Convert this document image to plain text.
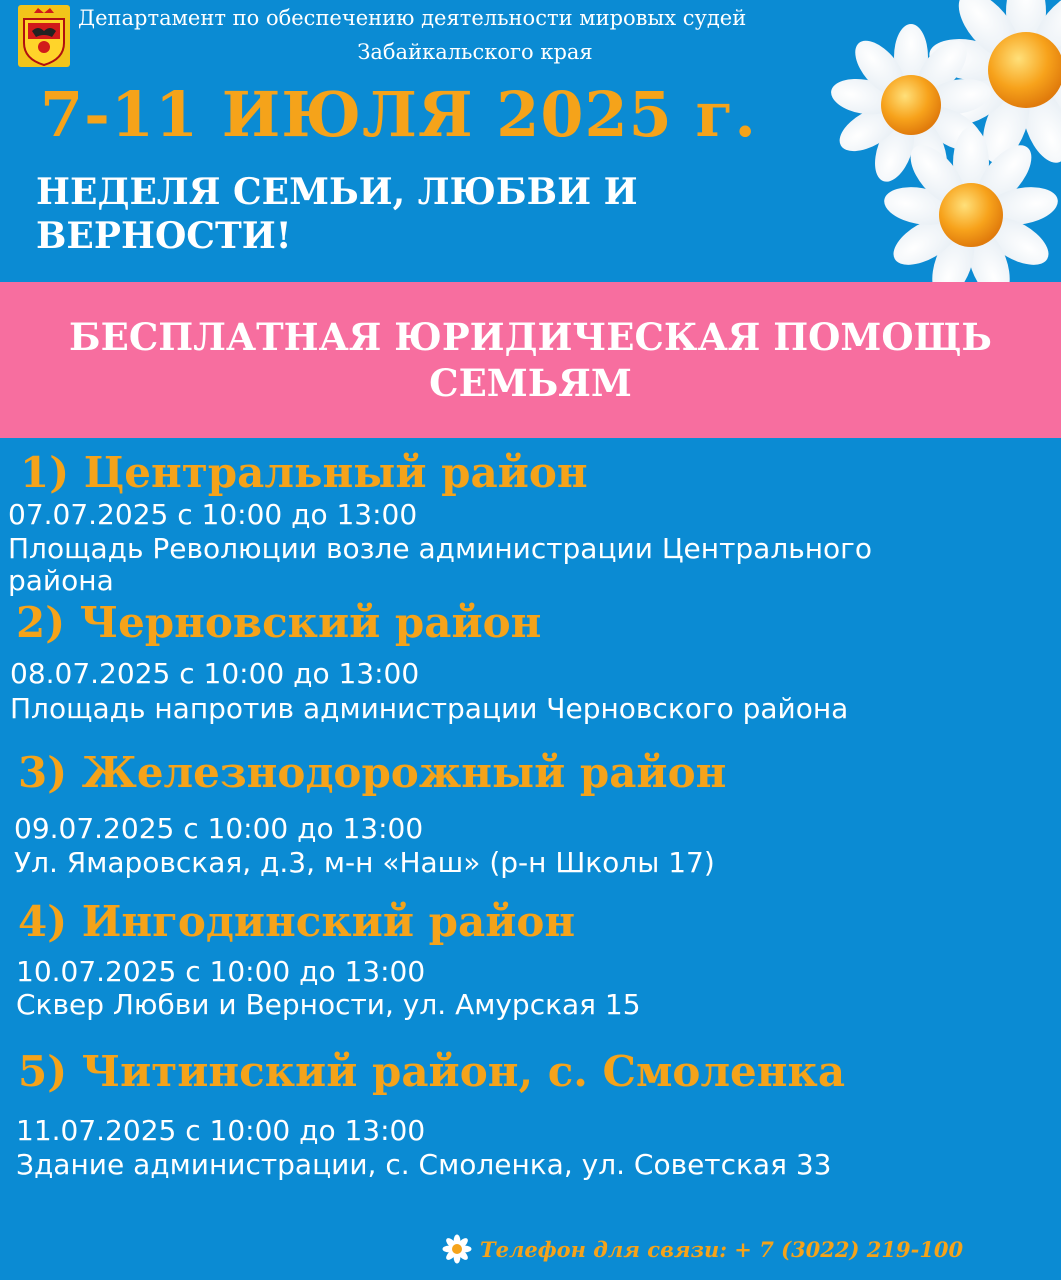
Департамент по обеспечению деятельности мировых судей
Забайкальского края
7-11 ИЮЛЯ 2025 г.
НЕДЕЛЯ СЕМЬИ, ЛЮБВИ И ВЕРНОСТИ!
БЕСПЛАТНАЯ ЮРИДИЧЕСКАЯ ПОМОЩЬ СЕМЬЯМ
1) Центральный район
07.07.2025 с 10:00 до 13:00
Площадь Революции возле администрации Центрального
района
2) Черновский район
08.07.2025 с 10:00 до 13:00
Площадь напротив администрации Черновского района
3) Железнодорожный район
09.07.2025 с 10:00 до 13:00
Ул. Ямаровская, д.3, м-н «Наш» (р-н Школы 17)
4) Ингодинский район
10.07.2025 с 10:00 до 13:00
Сквер Любви и Верности, ул. Амурская 15
5) Читинский район, с. Смоленка
11.07.2025 с 10:00 до 13:00
Здание администрации, с. Смоленка, ул. Советская 33
Телефон для связи: + 7 (3022) 219-100
